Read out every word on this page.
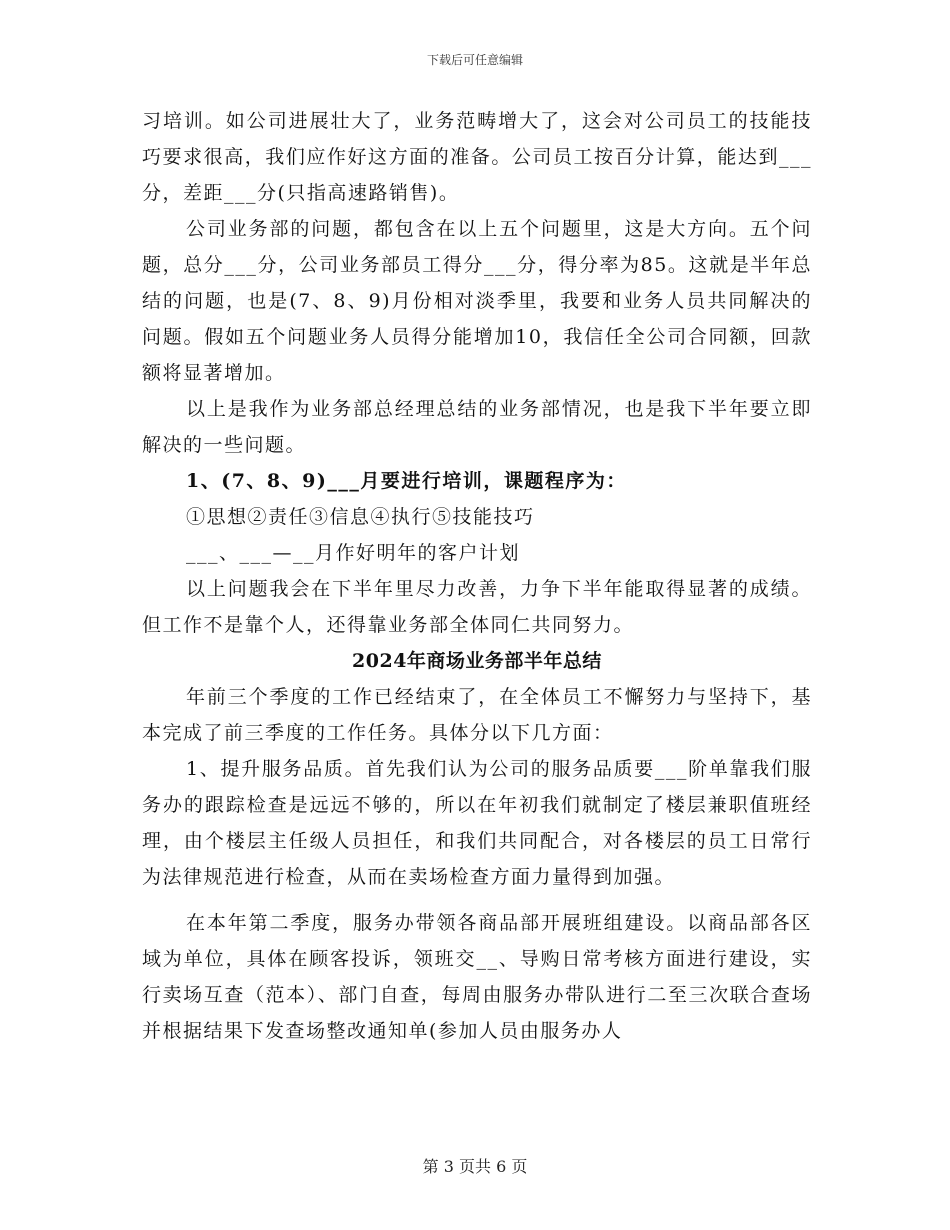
下载后可任意编辑

习培训。如公司进展壮大了，业务范畴增大了，这会对公司员工的技能技巧要求很高，我们应作好这方面的准备。公司员工按百分计算，能达到___分，差距___分(只指高速路销售)。

公司业务部的问题，都包含在以上五个问题里，这是大方向。五个问题，总分___分，公司业务部员工得分___分，得分率为85。这就是半年总结的问题，也是(7、8、9)月份相对淡季里，我要和业务人员共同解决的问题。假如五个问题业务人员得分能增加10，我信任全公司合同额，回款额将显著增加。

以上是我作为业务部总经理总结的业务部情况，也是我下半年要立即解决的一些问题。

1、(7、8、9)___月要进行培训，课题程序为：

①思想②责任③信息④执行⑤技能技巧

___、___—__月作好明年的客户计划

以上问题我会在下半年里尽力改善，力争下半年能取得显著的成绩。但工作不是靠个人，还得靠业务部全体同仁共同努力。

2024年商场业务部半年总结

年前三个季度的工作已经结束了，在全体员工不懈努力与坚持下，基本完成了前三季度的工作任务。具体分以下几方面：

1、提升服务品质。首先我们认为公司的服务品质要___阶单靠我们服务办的跟踪检查是远远不够的，所以在年初我们就制定了楼层兼职值班经理，由个楼层主任级人员担任，和我们共同配合，对各楼层的员工日常行为法律规范进行检查，从而在卖场检查方面力量得到加强。

在本年第二季度，服务办带领各商品部开展班组建设。以商品部各区域为单位，具体在顾客投诉，领班交__、导购日常考核方面进行建设，实行卖场互查（范本）、部门自查，每周由服务办带队进行二至三次联合查场并根据结果下发查场整改通知单(参加人员由服务办人

第 3 页共 6 页
